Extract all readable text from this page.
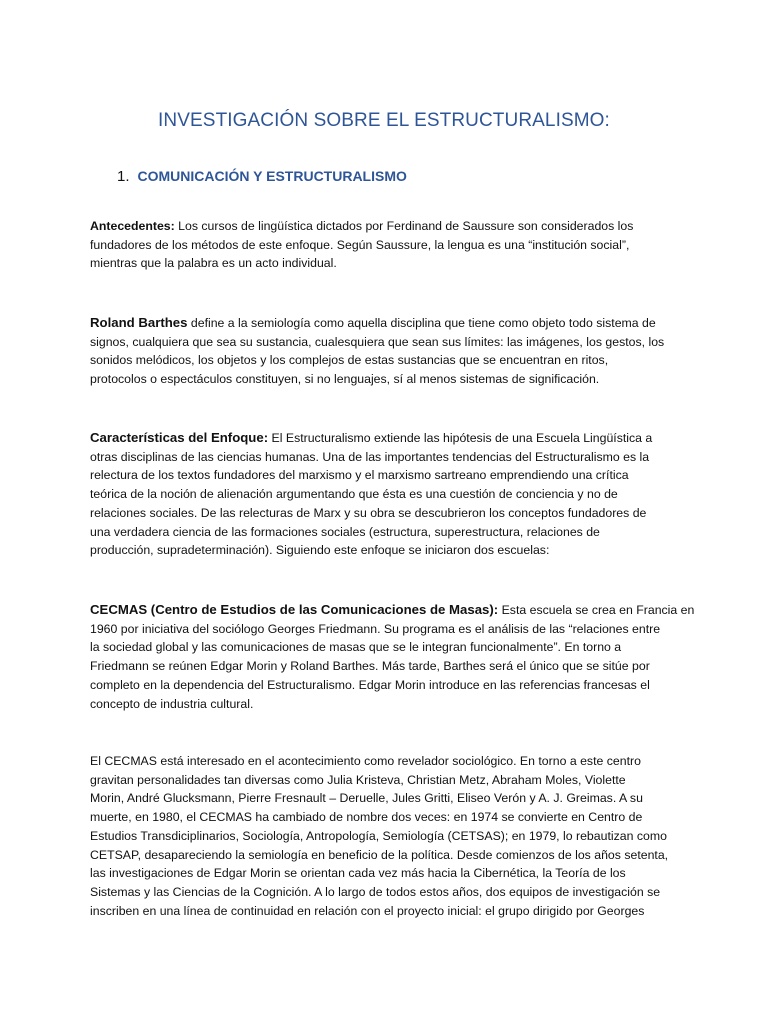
INVESTIGACIÓN SOBRE EL ESTRUCTURALISMO:
1. COMUNICACIÓN Y ESTRUCTURALISMO
Antecedentes: Los cursos de lingüística dictados por Ferdinand de Saussure son considerados los
fundadores de los métodos de este enfoque. Según Saussure, la lengua es una “institución social”,
mientras que la palabra es un acto individual.
Roland Barthes define a la semiología como aquella disciplina que tiene como objeto todo sistema de
signos, cualquiera que sea su sustancia, cualesquiera que sean sus límites: las imágenes, los gestos, los
sonidos melódicos, los objetos y los complejos de estas sustancias que se encuentran en ritos,
protocolos o espectáculos constituyen, si no lenguajes, sí al menos sistemas de significación.
Características del Enfoque: El Estructuralismo extiende las hipótesis de una Escuela Lingüística a
otras disciplinas de las ciencias humanas. Una de las importantes tendencias del Estructuralismo es la
relectura de los textos fundadores del marxismo y el marxismo sartreano emprendiendo una crítica
teórica de la noción de alienación argumentando que ésta es una cuestión de conciencia y no de
relaciones sociales. De las relecturas de Marx y su obra se descubrieron los conceptos fundadores de
una verdadera ciencia de las formaciones sociales (estructura, superestructura, relaciones de
producción, supradeterminación). Siguiendo este enfoque se iniciaron dos escuelas:
CECMAS (Centro de Estudios de las Comunicaciones de Masas): Esta escuela se crea en Francia en
1960 por iniciativa del sociólogo Georges Friedmann. Su programa es el análisis de las “relaciones entre
la sociedad global y las comunicaciones de masas que se le integran funcionalmente”. En torno a
Friedmann se reúnen Edgar Morin y Roland Barthes. Más tarde, Barthes será el único que se sitúe por
completo en la dependencia del Estructuralismo. Edgar Morin introduce en las referencias francesas el
concepto de industria cultural.
El CECMAS está interesado en el acontecimiento como revelador sociológico. En torno a este centro
gravitan personalidades tan diversas como Julia Kristeva, Christian Metz, Abraham Moles, Violette
Morin, André Glucksmann, Pierre Fresnault – Deruelle, Jules Gritti, Eliseo Verón y A. J. Greimas. A su
muerte, en 1980, el CECMAS ha cambiado de nombre dos veces: en 1974 se convierte en Centro de
Estudios Transdiciplinarios, Sociología, Antropología, Semiología (CETSAS); en 1979, lo rebautizan como
CETSAP, desapareciendo la semiología en beneficio de la política. Desde comienzos de los años setenta,
las investigaciones de Edgar Morin se orientan cada vez más hacia la Cibernética, la Teoría de los
Sistemas y las Ciencias de la Cognición. A lo largo de todos estos años, dos equipos de investigación se
inscriben en una línea de continuidad en relación con el proyecto inicial: el grupo dirigido por Georges
